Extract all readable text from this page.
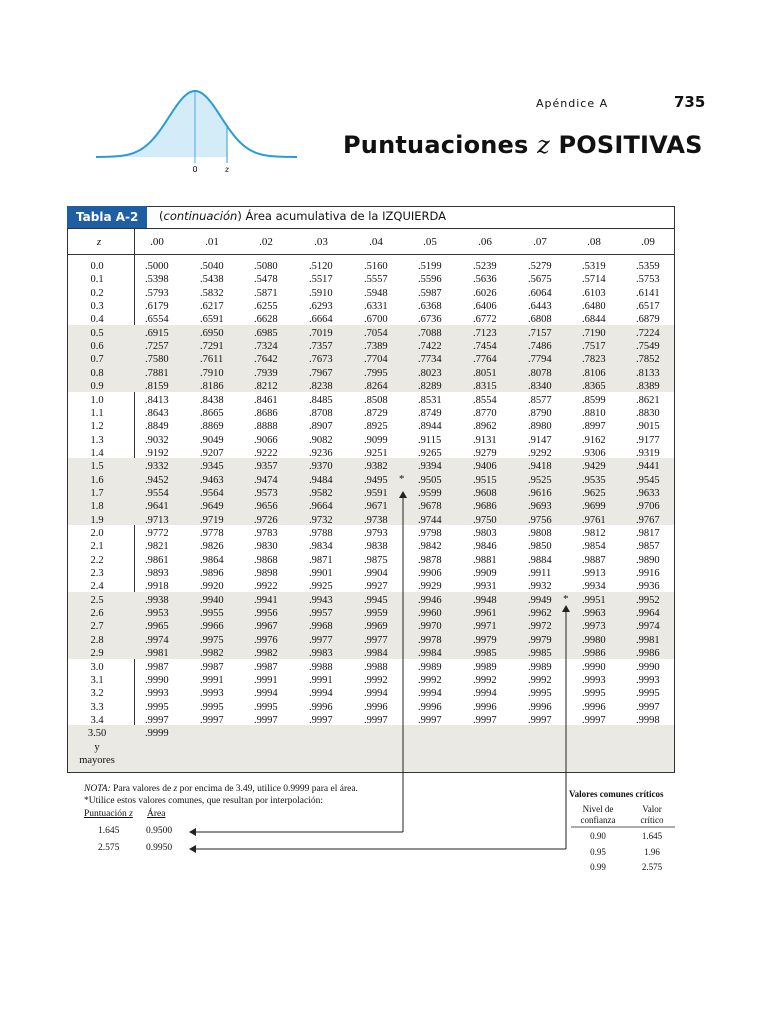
0	z
Apéndice A	735
Puntuaciones z POSITIVAS
Tabla A-2	(continuación) Área acumulativa de la IZQUIERDA
z	.00	.01	.02	.03	.04	.05	.06	.07	.08	.09
0.0	.5000	.5040	.5080	.5120	.5160	.5199	.5239	.5279	.5319	.5359
0.1	.5398	.5438	.5478	.5517	.5557	.5596	.5636	.5675	.5714	.5753
0.2	.5793	.5832	.5871	.5910	.5948	.5987	.6026	.6064	.6103	.6141
0.3	.6179	.6217	.6255	.6293	.6331	.6368	.6406	.6443	.6480	.6517
0.4	.6554	.6591	.6628	.6664	.6700	.6736	.6772	.6808	.6844	.6879
0.5	.6915	.6950	.6985	.7019	.7054	.7088	.7123	.7157	.7190	.7224
0.6	.7257	.7291	.7324	.7357	.7389	.7422	.7454	.7486	.7517	.7549
0.7	.7580	.7611	.7642	.7673	.7704	.7734	.7764	.7794	.7823	.7852
0.8	.7881	.7910	.7939	.7967	.7995	.8023	.8051	.8078	.8106	.8133
0.9	.8159	.8186	.8212	.8238	.8264	.8289	.8315	.8340	.8365	.8389
1.0	.8413	.8438	.8461	.8485	.8508	.8531	.8554	.8577	.8599	.8621
1.1	.8643	.8665	.8686	.8708	.8729	.8749	.8770	.8790	.8810	.8830
1.2	.8849	.8869	.8888	.8907	.8925	.8944	.8962	.8980	.8997	.9015
1.3	.9032	.9049	.9066	.9082	.9099	.9115	.9131	.9147	.9162	.9177
1.4	.9192	.9207	.9222	.9236	.9251	.9265	.9279	.9292	.9306	.9319
1.5	.9332	.9345	.9357	.9370	.9382	.9394	.9406	.9418	.9429	.9441
1.6	.9452	.9463	.9474	.9484	.9495	.9505	.9515	.9525	.9535	.9545
1.7	.9554	.9564	.9573	.9582	.9591	.9599	.9608	.9616	.9625	.9633
1.8	.9641	.9649	.9656	.9664	.9671	.9678	.9686	.9693	.9699	.9706
1.9	.9713	.9719	.9726	.9732	.9738	.9744	.9750	.9756	.9761	.9767
2.0	.9772	.9778	.9783	.9788	.9793	.9798	.9803	.9808	.9812	.9817
2.1	.9821	.9826	.9830	.9834	.9838	.9842	.9846	.9850	.9854	.9857
2.2	.9861	.9864	.9868	.9871	.9875	.9878	.9881	.9884	.9887	.9890
2.3	.9893	.9896	.9898	.9901	.9904	.9906	.9909	.9911	.9913	.9916
2.4	.9918	.9920	.9922	.9925	.9927	.9929	.9931	.9932	.9934	.9936
2.5	.9938	.9940	.9941	.9943	.9945	.9946	.9948	.9949	.9951	.9952
2.6	.9953	.9955	.9956	.9957	.9959	.9960	.9961	.9962	.9963	.9964
2.7	.9965	.9966	.9967	.9968	.9969	.9970	.9971	.9972	.9973	.9974
2.8	.9974	.9975	.9976	.9977	.9977	.9978	.9979	.9979	.9980	.9981
2.9	.9981	.9982	.9982	.9983	.9984	.9984	.9985	.9985	.9986	.9986
3.0	.9987	.9987	.9987	.9988	.9988	.9989	.9989	.9989	.9990	.9990
3.1	.9990	.9991	.9991	.9991	.9992	.9992	.9992	.9992	.9993	.9993
3.2	.9993	.9993	.9994	.9994	.9994	.9994	.9994	.9995	.9995	.9995
3.3	.9995	.9995	.9995	.9996	.9996	.9996	.9996	.9996	.9996	.9997
3.4	.9997	.9997	.9997	.9997	.9997	.9997	.9997	.9997	.9997	.9998
3.50	.9999
y
mayores
*
*
NOTA: Para valores de z por encima de 3.49, utilice 0.9999 para el área.
*Utilice estos valores comunes, que resultan por interpolación:
Puntuación z Área
1.645	0.9500
2.575	0.9950
Valores comunes críticos
Nivel de
confianza
Valor
crítico
0.90	1.645
0.95	1.96
0.99	2.575
